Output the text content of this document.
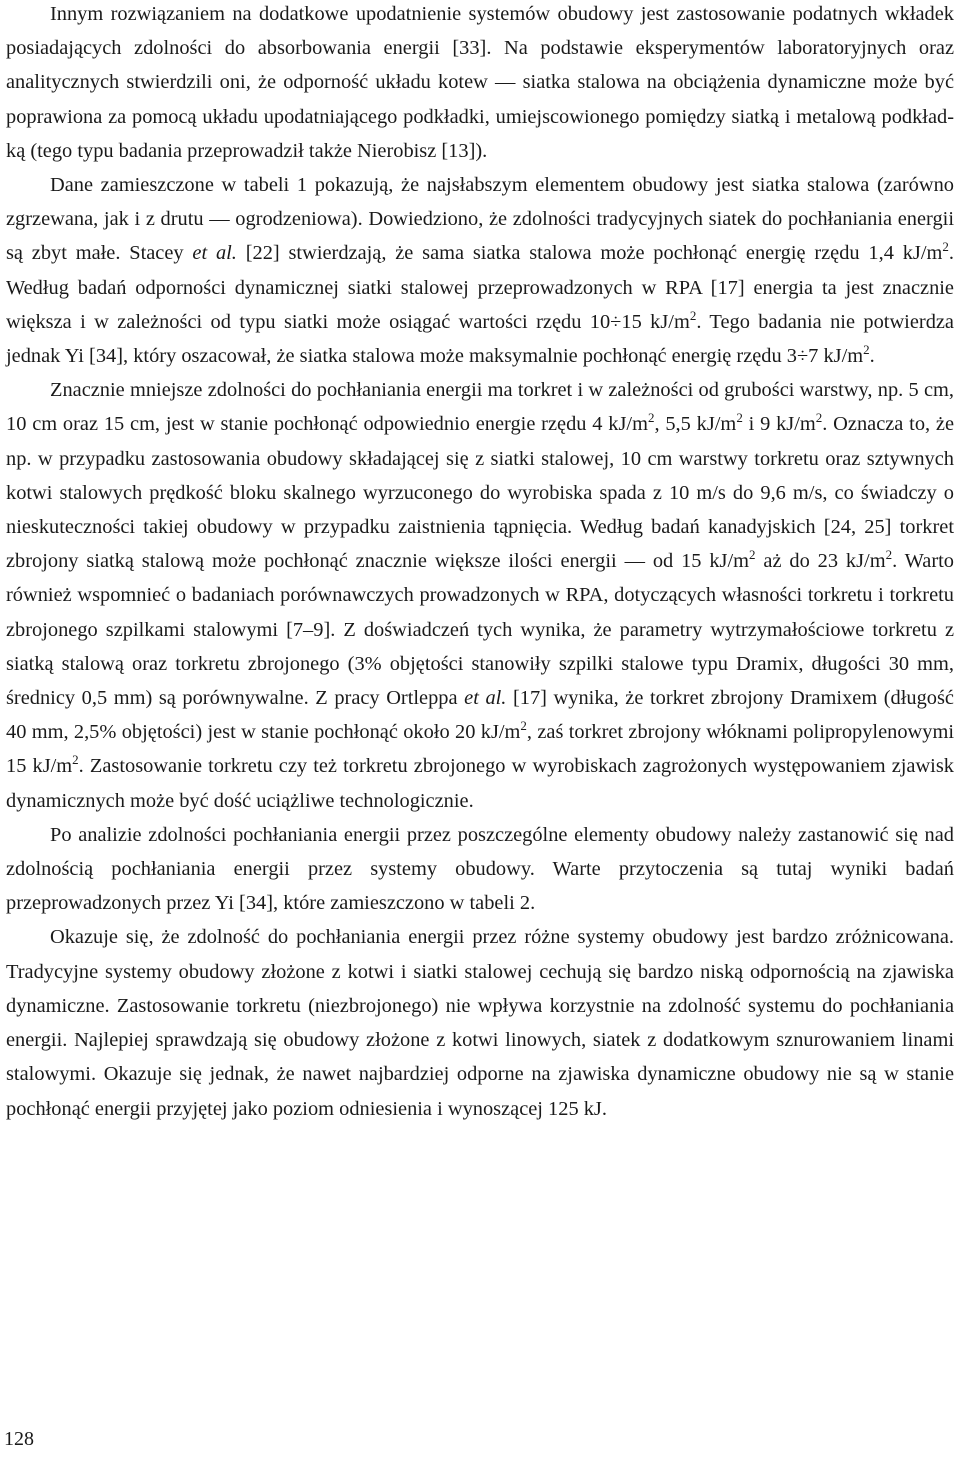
Innym rozwiązaniem na dodatkowe upodatnienie systemów obudowy jest zastosowanie podatnych wkładek posiadających zdolności do absorbowania energii [33]. Na podstawie eksperymentów laboratoryjnych oraz analitycznych stwierdzili oni, że odporność układu kotew — siatka stalowa na obciążenia dynamiczne może być poprawiona za pomocą układu upodatniającego podkładki, umiejscowionego pomiędzy siatką i metalową podkładką (tego typu badania przeprowadził także Nierobisz [13]).

Dane zamieszczone w tabeli 1 pokazują, że najsłabszym elementem obudowy jest siatka stalowa (zarówno zgrzewana, jak i z drutu — ogrodzeniowa). Dowiedziono, że zdolności tradycyjnych siatek do pochłaniania energii są zbyt małe. Stacey et al. [22] stwierdzają, że sama siatka stalowa może pochłonąć energię rzędu 1,4 $kJ/m^2$. Według badań odporności dynamicznej siatki stalowej przeprowadzonych w RPA [17] energia ta jest znacznie większa i w zależności od typu siatki może osiągać wartości rzędu 10÷15 $kJ/m^2$. Tego badania nie potwierdza jednak Yi [34], który oszacował, że siatka stalowa może maksymalnie pochłonąć energię rzędu 3÷7 $kJ/m^2$.

Znacznie mniejsze zdolności do pochłaniania energii ma torkret i w zależności od grubości warstwy, np. 5 cm, 10 cm oraz 15 cm, jest w stanie pochłonąć odpowiednio energie rzędu 4 $kJ/m^2$, 5,5 $kJ/m^2$ i 9 $kJ/m^2$. Oznacza to, że np. w przypadku zastosowania obudowy składającej się z siatki stalowej, 10 cm warstwy torkretu oraz sztywnych kotwi stalowych prędkość bloku skalnego wyrzuconego do wyrobiska spada z 10 m/s do 9,6 m/s, co świadczy o nieskuteczności takiej obudowy w przypadku zaistnienia tąpnięcia. Według badań kanadyjskich [24, 25] torkret zbrojony siatką stalową może pochłonąć znacznie większe ilości energii — od 15 $kJ/m^2$ aż do 23 $kJ/m^2$. Warto również wspomnieć o badaniach porównawczych prowadzonych w RPA, dotyczących własności torkretu i torkretu zbrojonego szpilkami stalowymi [7–9]. Z doświadczeń tych wynika, że parametry wytrzymałościowe torkretu z siatką stalową oraz torkretu zbrojonego (3% objętości stanowiły szpilki stalowe typu Dramix, długości 30 mm, średnicy 0,5 mm) są porównywalne. Z pracy Ortleppa et al. [17] wynika, że torkret zbrojony Dramixem (długość 40 mm, 2,5% objętości) jest w stanie pochłonąć około 20 $kJ/m^2$, zaś torkret zbrojony włóknami polipropylenowymi 15 $kJ/m^2$. Zastosowanie torkretu czy też torkretu zbrojonego w wyrobiskach zagrożonych występowaniem zjawisk dynamicznych może być dość uciążliwe technologicznie.

Po analizie zdolności pochłaniania energii przez poszczególne elementy obudowy należy zastanowić się nad zdolnością pochłaniania energii przez systemy obudowy. Warte przytoczenia są tutaj wyniki badań przeprowadzonych przez Yi [34], które zamieszczono w tabeli 2.

Okazuje się, że zdolność do pochłaniania energii przez różne systemy obudowy jest bardzo zróżnicowana. Tradycyjne systemy obudowy złożone z kotwi i siatki stalowej cechują się bardzo niską odpornością na zjawiska dynamiczne. Zastosowanie torkretu (niezbrojonego) nie wpływa korzystnie na zdolność systemu do pochłaniania energii. Najlepiej sprawdzają się obudowy złożone z kotwi linowych, siatek z dodatkowym sznurowaniem linami stalowymi. Okazuje się jednak, że nawet najbardziej odporne na zjawiska dynamiczne obudowy nie są w stanie pochłonąć energii przyjętej jako poziom odniesienia i wynoszącej 125 kJ.

128
